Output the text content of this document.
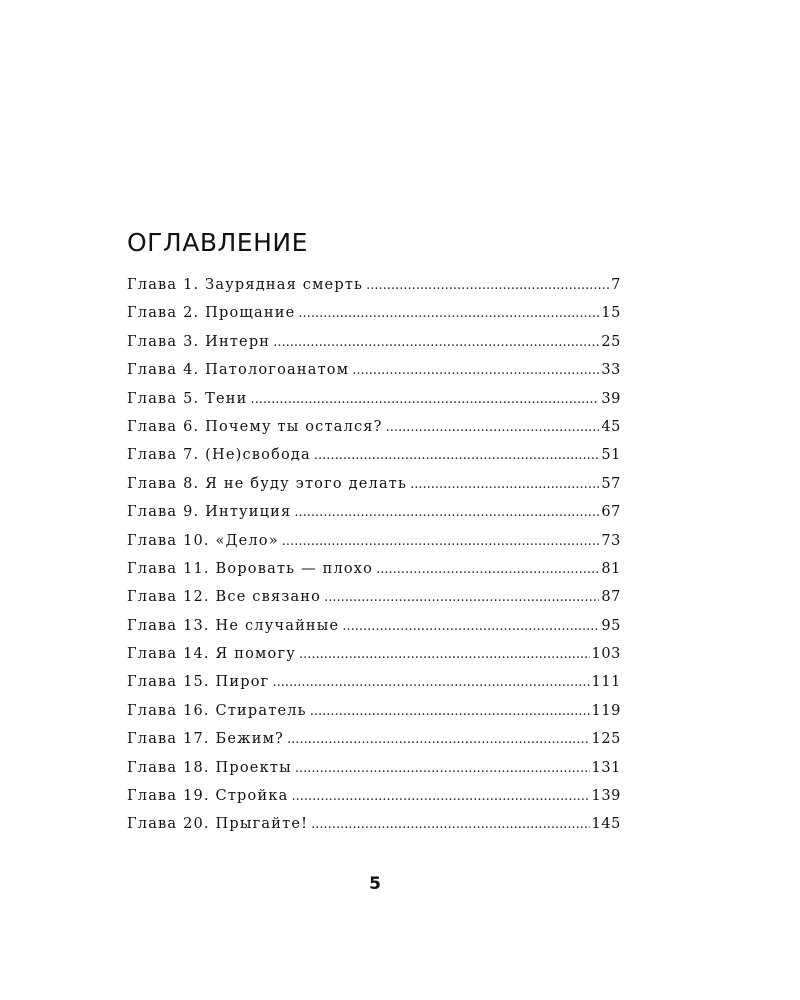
ОГЛАВЛЕНИЕ
Глава 1. Заурядная смерть .....	7
Глава 2. Прощание .....	15
Глава 3. Интерн .....	25
Глава 4. Патологоанатом .....	33
Глава 5. Тени .....	39
Глава 6. Почему ты остался? .....	45
Глава 7. (Не)свобода .....	51
Глава 8. Я не буду этого делать .....	57
Глава 9. Интуиция .....	67
Глава 10. «Дело» .....	73
Глава 11. Воровать — плохо .....	81
Глава 12. Все связано .....	87
Глава 13. Не случайные .....	95
Глава 14. Я помогу .....	103
Глава 15. Пирог .....	111
Глава 16. Стиратель .....	119
Глава 17. Бежим? .....	125
Глава 18. Проекты .....	131
Глава 19. Стройка .....	139
Глава 20. Прыгайте! .....	145
5
